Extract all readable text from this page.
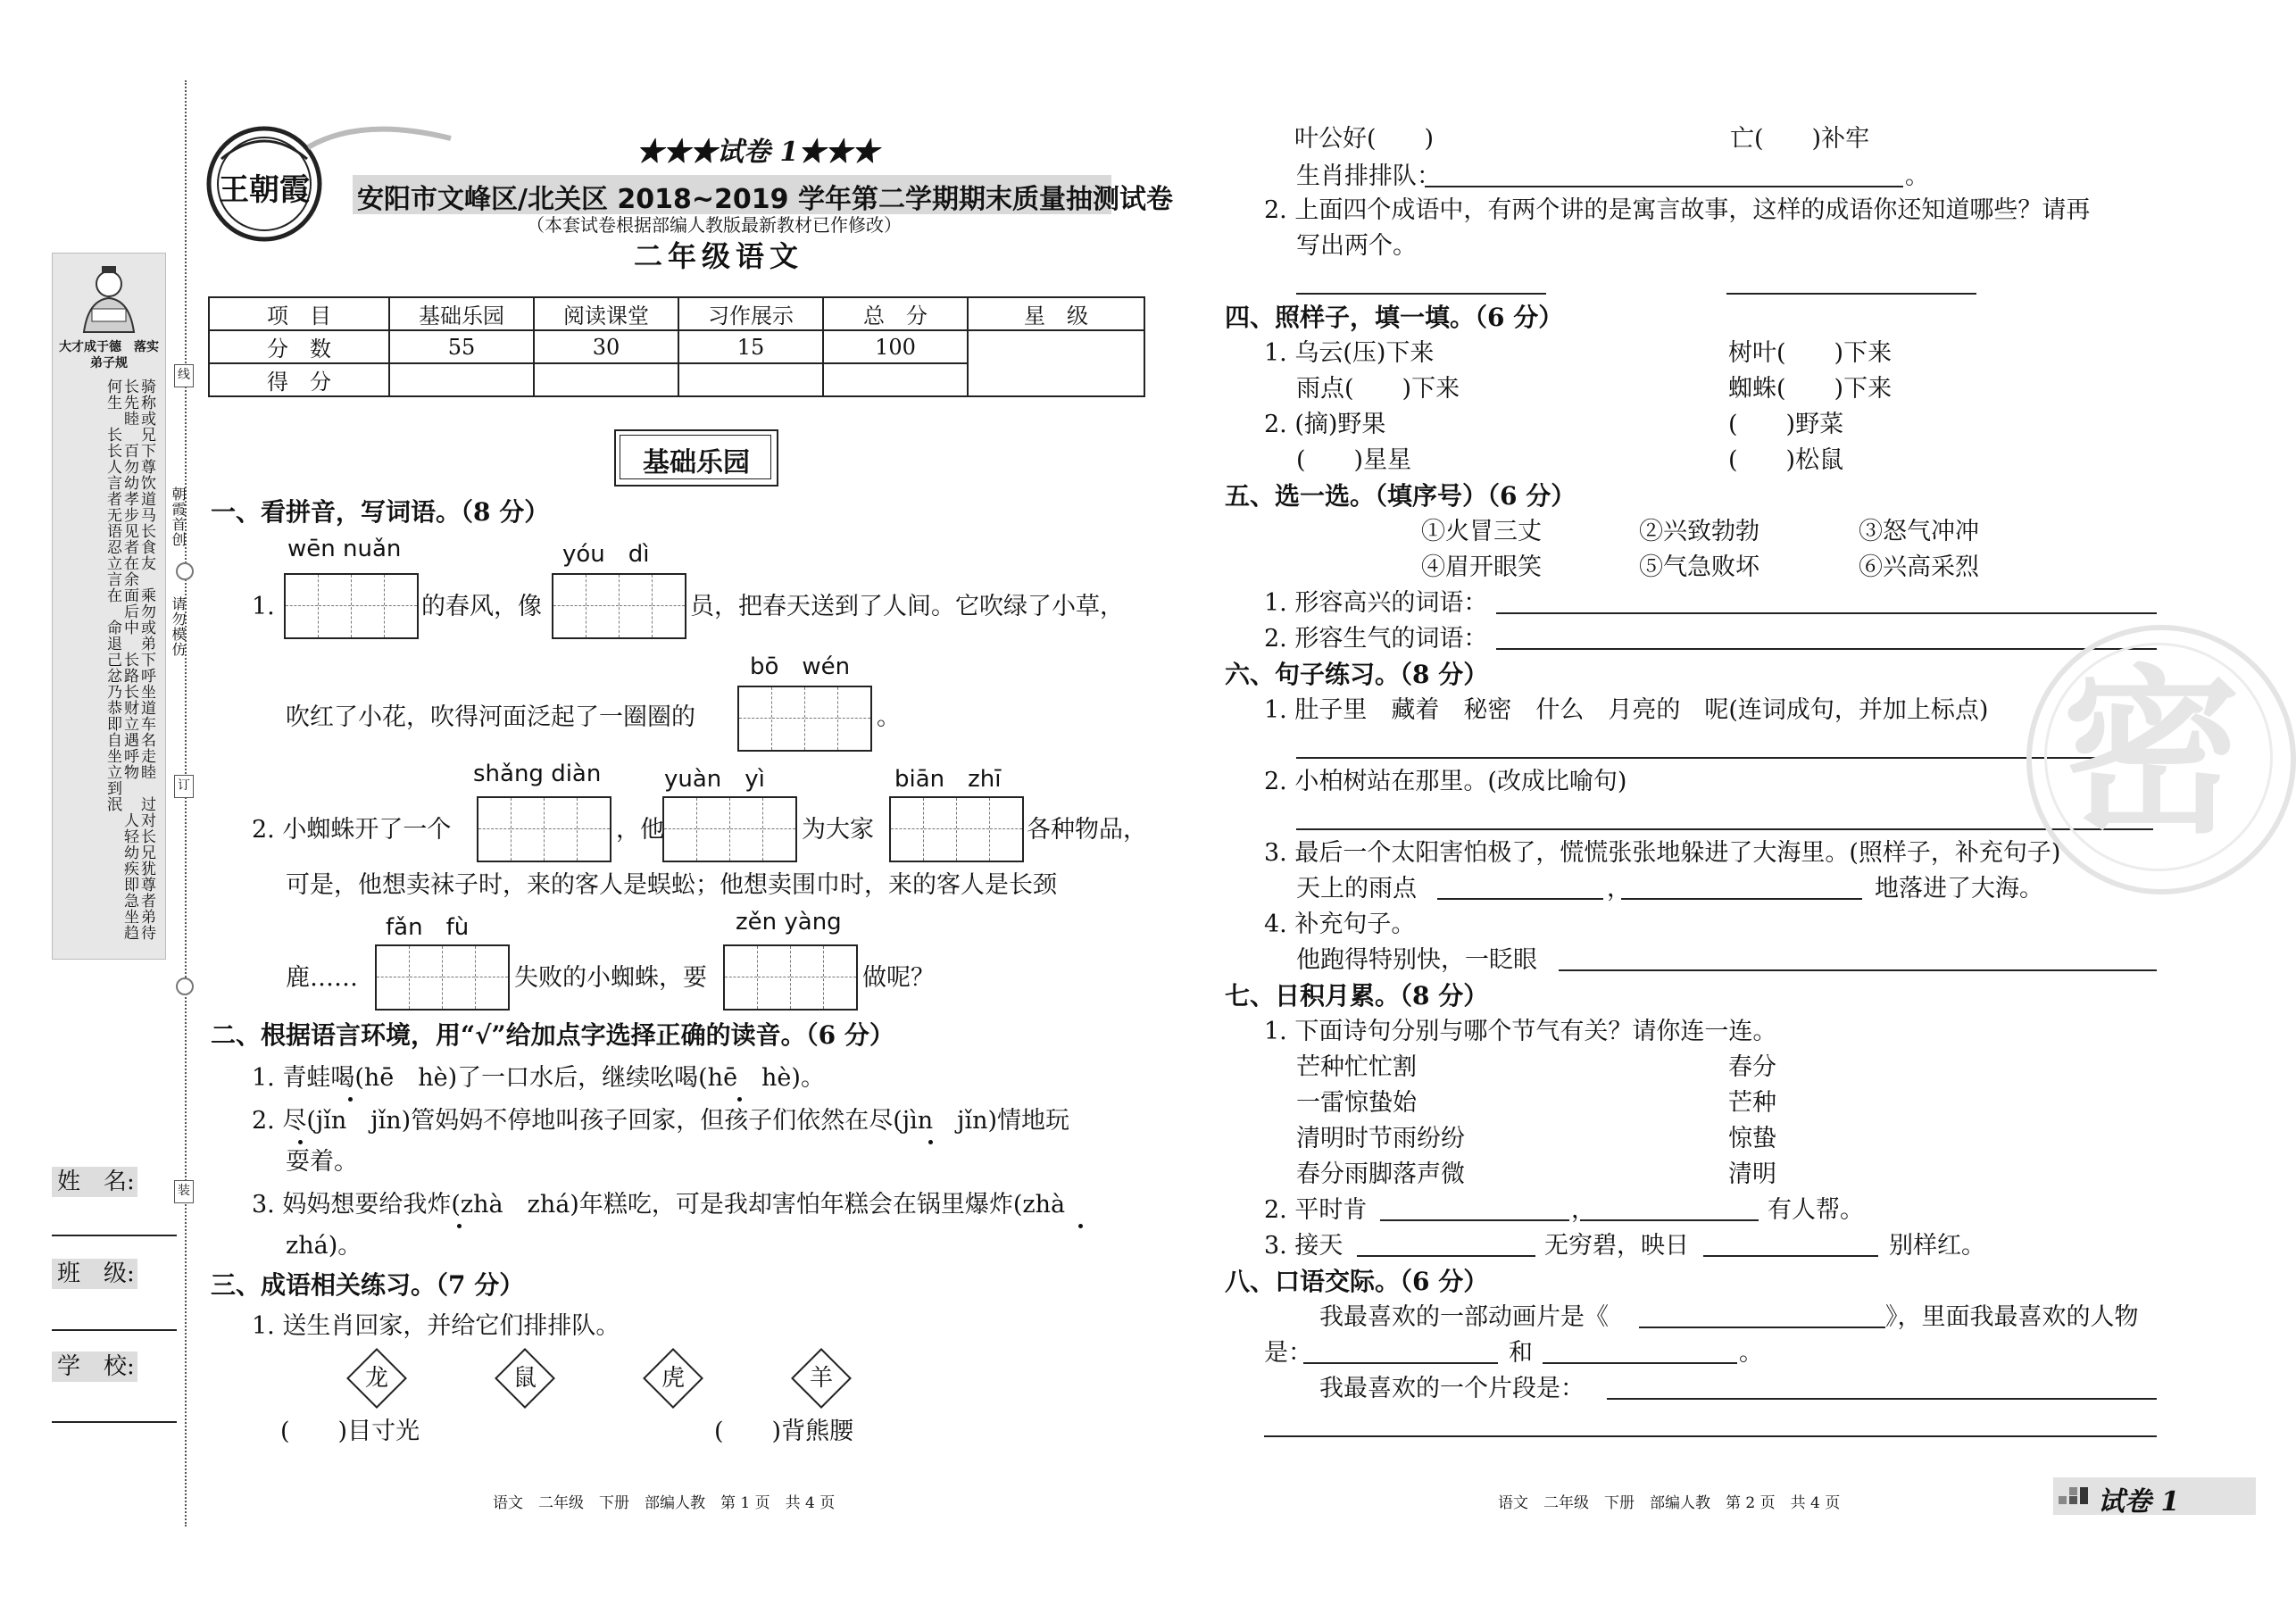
大才成于德　落实弟子规
骑称或兄下尊饮道马长食友　乘勿或弟下呼坐道车名走睦　过对长兄犹尊者弟待长先睦　百勿幼孝步见者在余面后中　长路长财立遇呼物　　人轻幼疾即急坐趋何生　长长人言者无语忍立言在　命退己忿乃恭即自坐立到泯	朝霞首创
请勿模仿
线
订
装
姓　名:
班　级:
学　校:
王朝霞
★★★试卷 1★★★
安阳市文峰区/北关区 2018~2019 学年第二学期期末质量抽测试卷
（本套试卷根据部编人教版最新教材已作修改）
二年级语文
项　目	基础乐园	阅读课堂	习作展示	总　分	星　级
分　数	55	30	15	100	
得　分					
基础乐园
一、看拼音，写词语。（8 分）
wēn nuǎn	yóu　dì
1.	的春风，像	员，把春天送到了人间。它吹绿了小草，
bō　wén
吹红了小花，吹得河面泛起了一圈圈的	。
shǎng diàn	yuàn　yì	biān　zhī
2. 小蜘蛛开了一个	，他	为大家	各种物品，
可是，他想卖袜子时，来的客人是蜈蚣；他想卖围巾时，来的客人是长颈
fǎn　fù	zěn yàng
鹿……	失败的小蜘蛛，要	做呢？
二、根据语言环境，用“√”给加点字选择正确的读音。（6 分）
1. 青蛙喝(hē　hè)了一口水后，继续吆喝(hē　hè)。
2. 尽(jǐn　jǐn)管妈妈不停地叫孩子回家，但孩子们依然在尽(jìn　jǐn)情地玩
耍着。
3. 妈妈想要给我炸(zhà　zhá)年糕吃，可是我却害怕年糕会在锅里爆炸(zhà
zhá)。
三、成语相关练习。（7 分）
1. 送生肖回家，并给它们排排队。
龙	鼠	虎	羊
(　　)目寸光	(　　)背熊腰
语文　二年级　下册　部编人教　第 1 页　共 4 页
叶公好(　　)	亡(　　)补牢
生肖排排队：	。
2. 上面四个成语中，有两个讲的是寓言故事，这样的成语你还知道哪些？请再
写出两个。
四、照样子，填一填。（6 分）
1. 乌云(压)下来	树叶(　　)下来
雨点(　　)下来	蜘蛛(　　)下来
2. (摘)野果	(　　)野菜
(　　)星星	(　　)松鼠
五、选一选。（填序号）（6 分）
①火冒三丈	②兴致勃勃	③怒气冲冲
④眉开眼笑	⑤气急败坏	⑥兴高采烈
1. 形容高兴的词语：
2. 形容生气的词语：
六、句子练习。（8 分）
1. 肚子里　藏着　秘密　什么　月亮的　呢(连词成句，并加上标点)
2. 小柏树站在那里。(改成比喻句)
3. 最后一个太阳害怕极了，慌慌张张地躲进了大海里。(照样子，补充句子)
天上的雨点	，	地落进了大海。
4. 补充句子。
他跑得特别快，一眨眼
七、日积月累。（8 分）
1. 下面诗句分别与哪个节气有关？请你连一连。
芒种忙忙割	春分
一雷惊蛰始	芒种
清明时节雨纷纷	惊蛰
春分雨脚落声微	清明
2. 平时肯	，	有人帮。
3. 接天	无穷碧，映日	别样红。
八、口语交际。（6 分）
我最喜欢的一部动画片是《	》，里面我最喜欢的人物
是：	和	。
我最喜欢的一个片段是：
语文　二年级　下册　部编人教　第 2 页　共 4 页	试卷 1
密
